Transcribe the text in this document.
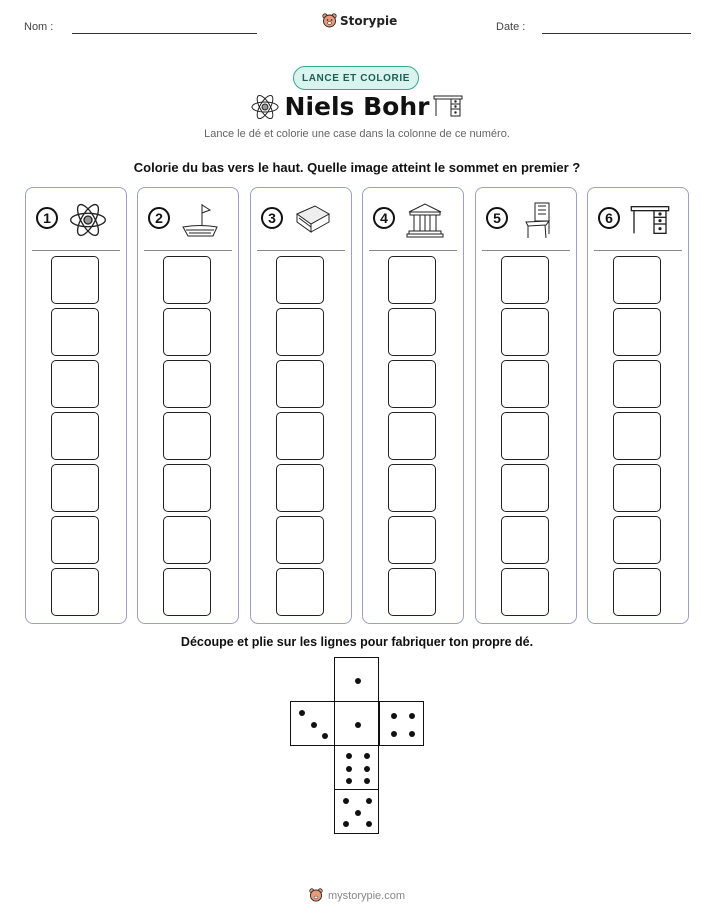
Nom :	Storypie	Date :
LANCE ET COLORIE
Niels Bohr
Lance le dé et colorie une case dans la colonne de ce numéro.
Colorie du bas vers le haut. Quelle image atteint le sommet en premier ?
1	2	3	4	5	6
Découpe et plie sur les lignes pour fabriquer ton propre dé.
mystorypie.com
